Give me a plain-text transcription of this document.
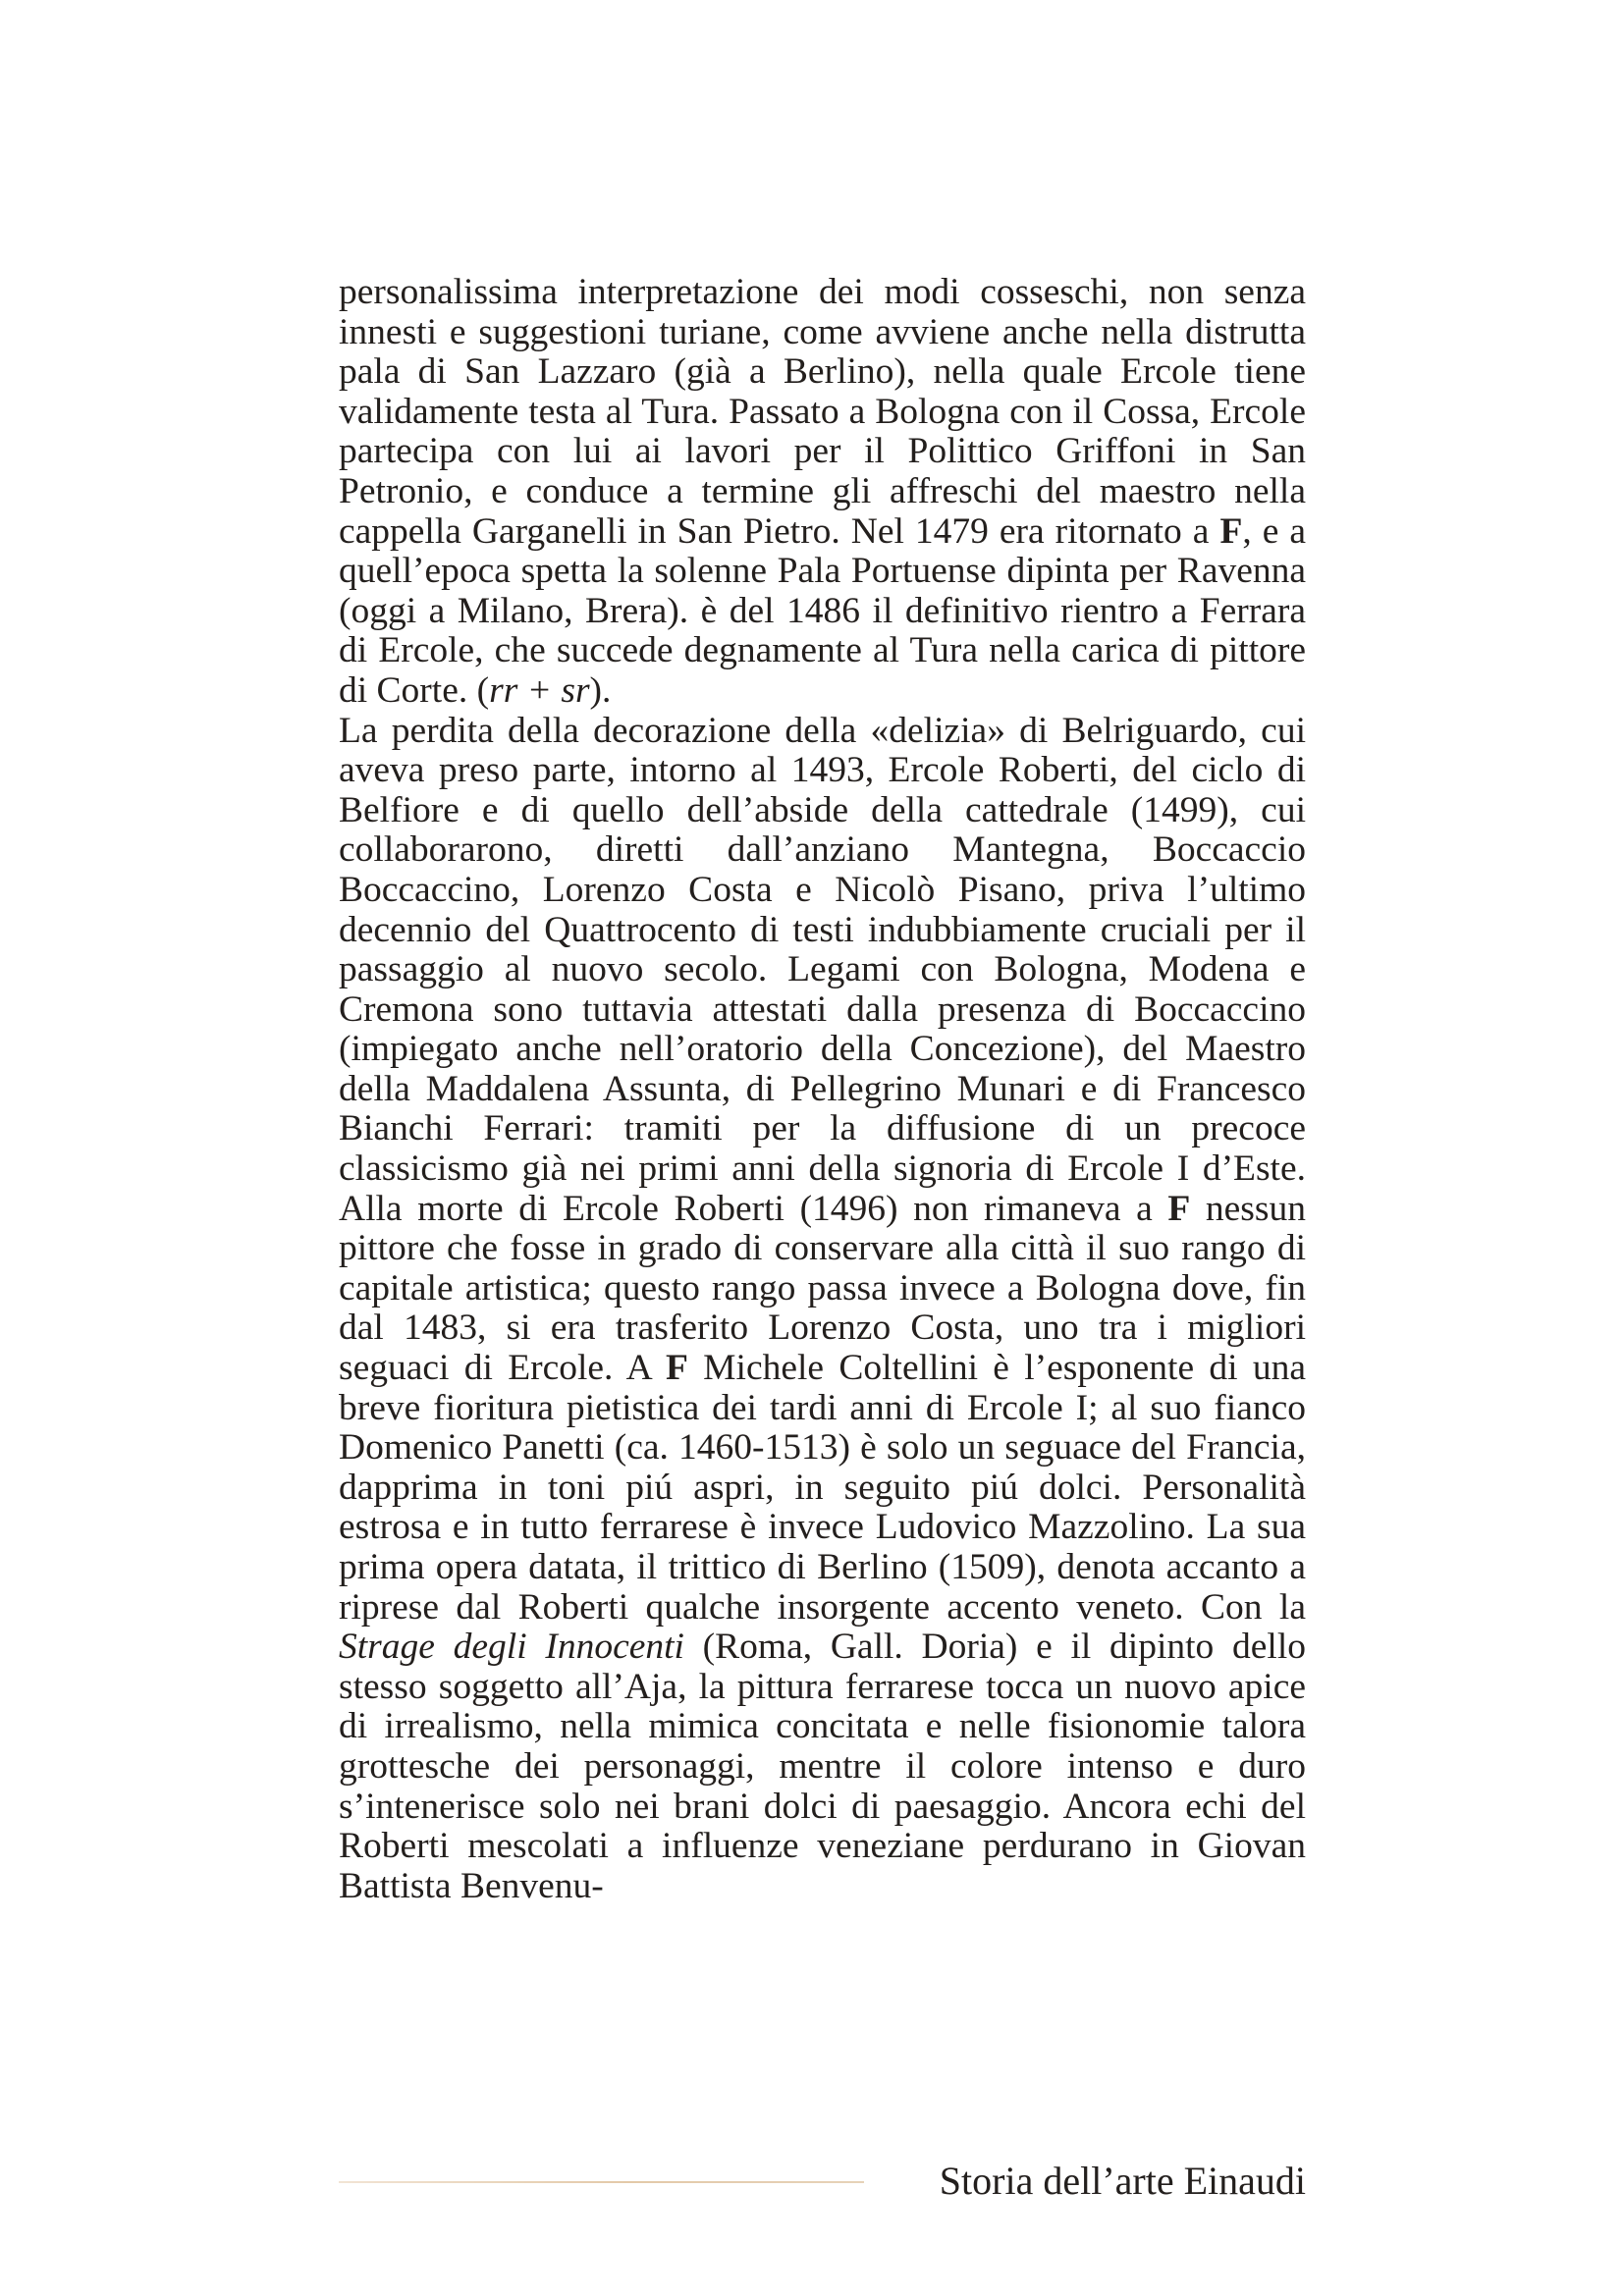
personalissima interpretazione dei modi cosseschi, non senza innesti e suggestioni turiane, come avviene anche nella distrutta pala di San Lazzaro (già a Berlino), nella quale Ercole tiene validamente testa al Tura. Passato a Bologna con il Cossa, Ercole partecipa con lui ai lavori per il Polittico Griffoni in San Petronio, e conduce a termine gli affreschi del maestro nella cappella Garganelli in San Pietro. Nel 1479 era ritornato a F, e a quell’epoca spetta la solenne Pala Portuense dipinta per Ravenna (oggi a Milano, Brera). è del 1486 il definitivo rientro a Ferrara di Ercole, che succede degnamente al Tura nella carica di pittore di Corte. (rr + sr).

La perdita della decorazione della «delizia» di Belriguardo, cui aveva preso parte, intorno al 1493, Ercole Roberti, del ciclo di Belfiore e di quello dell’abside della cattedrale (1499), cui collaborarono, diretti dall’anziano Mantegna, Boccaccio Boccaccino, Lorenzo Costa e Nicolò Pisano, priva l’ultimo decennio del Quattrocento di testi indubbiamente cruciali per il passaggio al nuovo secolo. Legami con Bologna, Modena e Cremona sono tuttavia attestati dalla presenza di Boccaccino (impiegato anche nell’oratorio della Concezione), del Maestro della Maddalena Assunta, di Pellegrino Munari e di Francesco Bianchi Ferrari: tramiti per la diffusione di un precoce classicismo già nei primi anni della signoria di Ercole I d’Este. Alla morte di Ercole Roberti (1496) non rimaneva a F nessun pittore che fosse in grado di conservare alla città il suo rango di capitale artistica; questo rango passa invece a Bologna dove, fin dal 1483, si era trasferito Lorenzo Costa, uno tra i migliori seguaci di Ercole. A F Michele Coltellini è l’esponente di una breve fioritura pietistica dei tardi anni di Ercole I; al suo fianco Domenico Panetti (ca. 1460-1513) è solo un seguace del Francia, dapprima in toni piú aspri, in seguito piú dolci. Personalità estrosa e in tutto ferrarese è invece Ludovico Mazzolino. La sua prima opera datata, il trittico di Berlino (1509), denota accanto a riprese dal Roberti qualche insorgente accento veneto. Con la Strage degli Innocenti (Roma, Gall. Doria) e il dipinto dello stesso soggetto all’Aja, la pittura ferrarese tocca un nuovo apice di irrealismo, nella mimica concitata e nelle fisionomie talora grottesche dei personaggi, mentre il colore intenso e duro s’intenerisce solo nei brani dolci di paesaggio. Ancora echi del Roberti mescolati a influenze veneziane perdurano in Giovan Battista Benvenu-

Storia dell’arte Einaudi
